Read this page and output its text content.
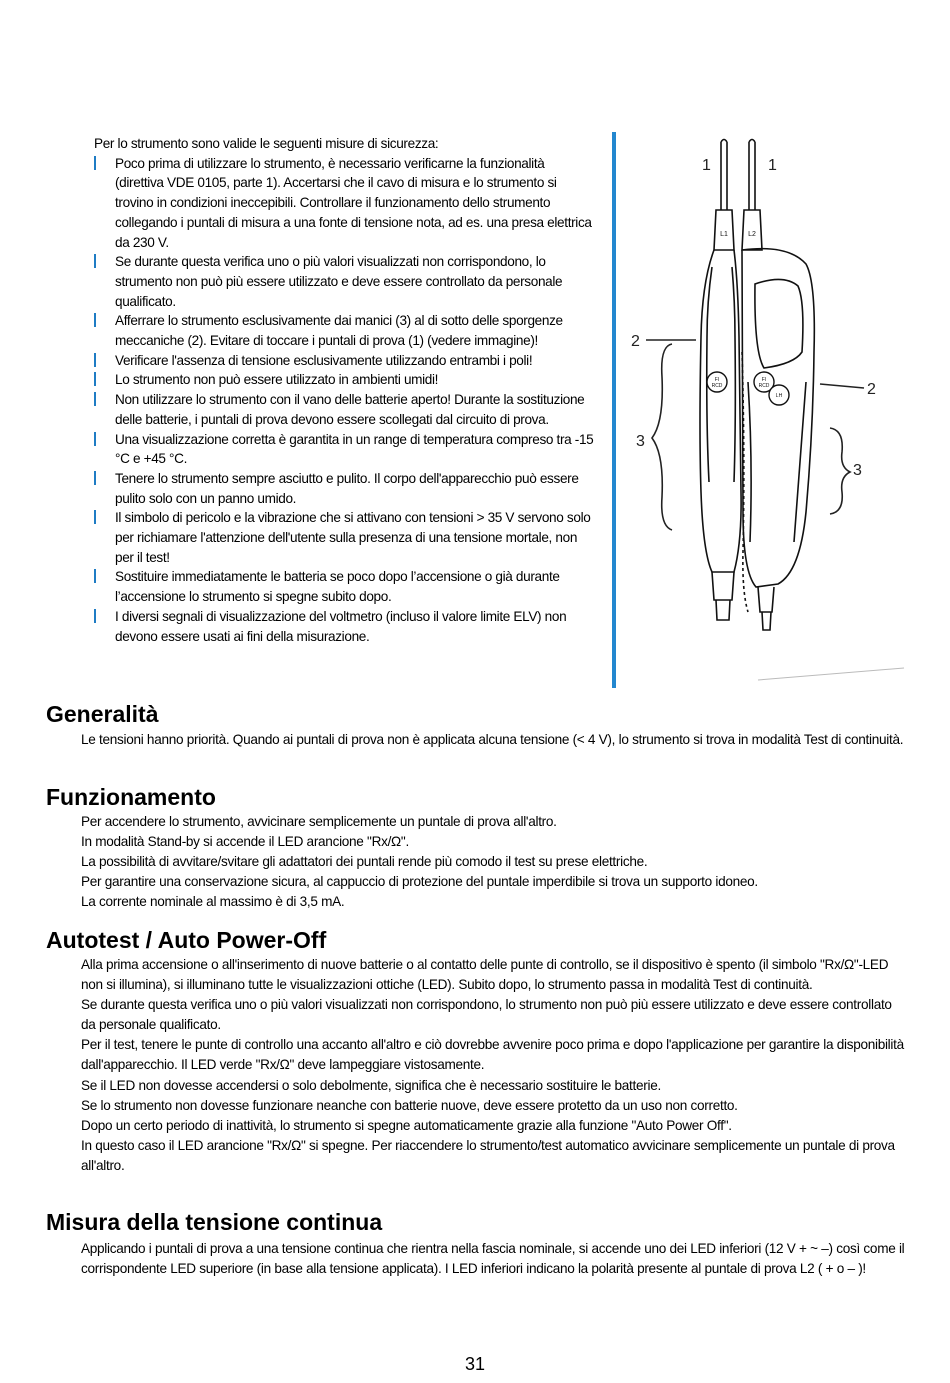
Per lo strumento sono valide le seguenti misure di sicurezza:
Poco prima di utilizzare lo strumento, è necessario verificarne la funzionalità (direttiva VDE 0105, parte 1). Accertarsi che il cavo di misura e lo strumento si trovino in condizioni ineccepibili. Controllare il funzionamento dello strumento collegando i puntali di misura a una fonte di tensione nota, ad es. una presa elettrica da 230 V.
Se durante questa verifica uno o più valori visualizzati non corrispondono, lo strumento non può più essere utilizzato e deve essere controllato da personale qualificato.
Afferrare lo strumento esclusivamente dai manici (3) al di sotto delle sporgenze meccaniche (2). Evitare di toccare i puntali di prova (1) (vedere immagine)!
Verificare l'assenza di tensione esclusivamente utilizzando entrambi i poli!
Lo strumento non può essere utilizzato in ambienti umidi!
Non utilizzare lo strumento con il vano delle batterie aperto! Durante la sostituzione delle batterie, i puntali di prova devono essere scollegati dal circuito di prova.
Una visualizzazione corretta è garantita in un range di temperatura compreso tra -15 °C e +45 °C.
Tenere lo strumento sempre asciutto e pulito. Il corpo dell'apparecchio può essere pulito solo con un panno umido.
Il simbolo di pericolo e la vibrazione che si attivano con tensioni > 35 V servono solo per richiamare l'attenzione dell'utente sulla presenza di una tensione mortale, non per il test!
Sostituire immediatamente le batteria se poco dopo l’accensione o già durante l’accensione lo strumento si spegne subito dopo.
I diversi segnali di visualizzazione del voltmetro (incluso il valore limite ELV) non devono essere usati ai fini della misurazione.
FI
RCD
FI
RCD
LH
L1	L2
1	1
2
2
3
3
Generalità

Le tensioni hanno priorità. Quando ai puntali di prova non è applicata alcuna tensione (< 4 V), lo strumento si trova in modalità Test di continuità.

Funzionamento

Per accendere lo strumento, avvicinare semplicemente un puntale di prova all'altro.

In modalità Stand-by si accende il LED arancione "Rx/Ω".

La possibilità di avvitare/svitare gli adattatori dei puntali rende più comodo il test su prese elettriche.

Per garantire una conservazione sicura, al cappuccio di protezione del puntale imperdibile si trova un supporto idoneo.

La corrente nominale al massimo è di 3,5 mA.

Autotest / Auto Power-Off

Alla prima accensione o all'inserimento di nuove batterie o al contatto delle punte di controllo, se il dispositivo è spento (il simbolo "Rx/Ω"-LED non si illumina), si illuminano tutte le visualizzazioni ottiche (LED). Subito dopo, lo strumento passa in modalità Test di continuità.

Se durante questa verifica uno o più valori visualizzati non corrispondono, lo strumento non può più essere utilizzato e deve essere controllato da personale qualificato.

Per il test, tenere le punte di controllo una accanto all'altro e ciò dovrebbe avvenire poco prima e dopo l'applicazione per garantire la disponibilità dall'apparecchio. Il LED verde "Rx/Ω" deve lampeggiare vistosamente.

Se il LED non dovesse accendersi o solo debolmente, significa che è necessario sostituire le batterie.

Se lo strumento non dovesse funzionare neanche con batterie nuove, deve essere protetto da un uso non corretto.

Dopo un certo periodo di inattività, lo strumento si spegne automaticamente grazie alla funzione "Auto Power Off".

In questo caso il LED arancione "Rx/Ω" si spegne. Per riaccendere lo strumento/test automatico avvicinare semplicemente un puntale di prova all'altro.

Misura della tensione continua

Applicando i puntali di prova a una tensione continua che rientra nella fascia nominale, si accende uno dei LED inferiori (12 V + ~ –) così come il corrispondente LED superiore (in base alla tensione applicata). I LED inferiori indicano la polarità presente al puntale di prova L2 ( + o – )!

31
